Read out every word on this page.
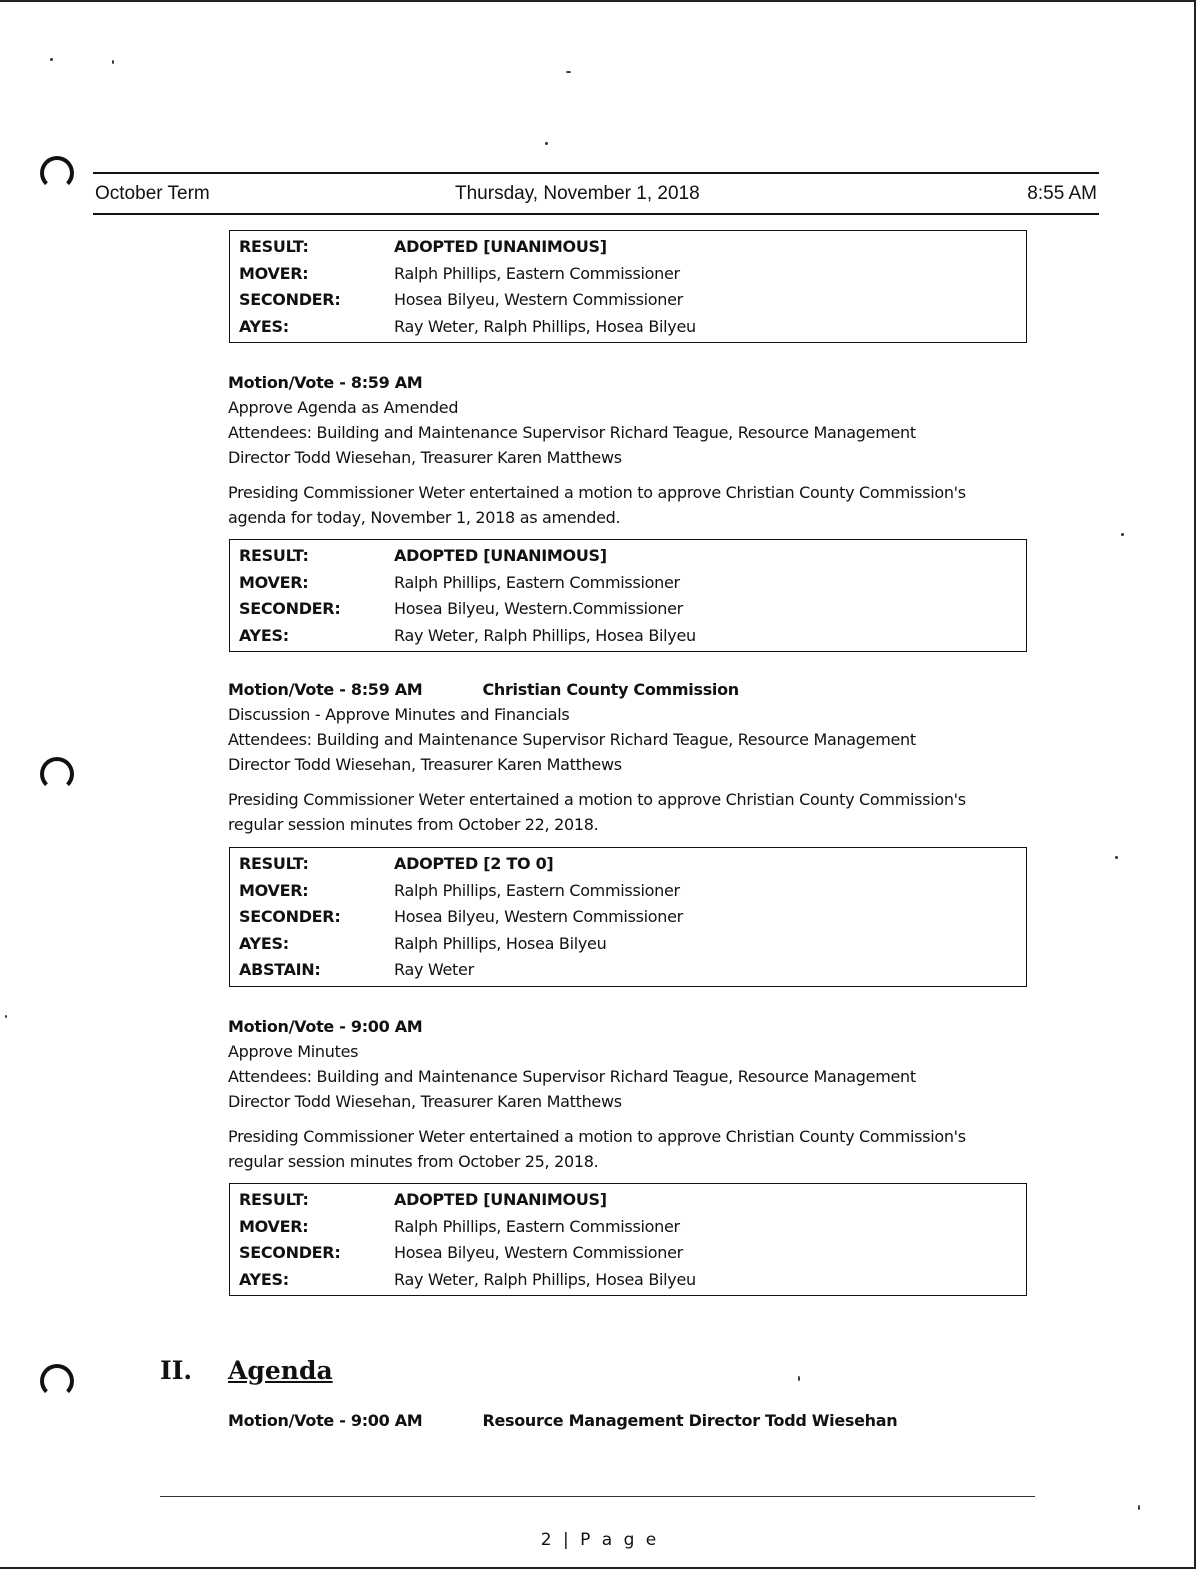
October Term	Thursday, November 1, 2018	8:55 AM
RESULT:	ADOPTED [UNANIMOUS]
MOVER:	Ralph Phillips, Eastern Commissioner
SECONDER:	Hosea Bilyeu, Western Commissioner
AYES:	Ray Weter, Ralph Phillips, Hosea Bilyeu
Motion/Vote - 8:59 AM
Approve Agenda as Amended
Attendees: Building and Maintenance Supervisor Richard Teague, Resource Management
Director Todd Wiesehan, Treasurer Karen Matthews
Presiding Commissioner Weter entertained a motion to approve Christian County Commission's
agenda for today, November 1, 2018 as amended.
RESULT:	ADOPTED [UNANIMOUS]
MOVER:	Ralph Phillips, Eastern Commissioner
SECONDER:	Hosea Bilyeu, Western.Commissioner
AYES:	Ray Weter, Ralph Phillips, Hosea Bilyeu
Motion/Vote - 8:59 AM	Christian County Commission
Discussion - Approve Minutes and Financials
Attendees: Building and Maintenance Supervisor Richard Teague, Resource Management
Director Todd Wiesehan, Treasurer Karen Matthews
Presiding Commissioner Weter entertained a motion to approve Christian County Commission's
regular session minutes from October 22, 2018.
RESULT:	ADOPTED [2 TO 0]
MOVER:	Ralph Phillips, Eastern Commissioner
SECONDER:	Hosea Bilyeu, Western Commissioner
AYES:	Ralph Phillips, Hosea Bilyeu
ABSTAIN:	Ray Weter
Motion/Vote - 9:00 AM
Approve Minutes
Attendees: Building and Maintenance Supervisor Richard Teague, Resource Management
Director Todd Wiesehan, Treasurer Karen Matthews
Presiding Commissioner Weter entertained a motion to approve Christian County Commission's
regular session minutes from October 25, 2018.
RESULT:	ADOPTED [UNANIMOUS]
MOVER:	Ralph Phillips, Eastern Commissioner
SECONDER:	Hosea Bilyeu, Western Commissioner
AYES:	Ray Weter, Ralph Phillips, Hosea Bilyeu
II. Agenda
Motion/Vote - 9:00 AM	Resource Management Director Todd Wiesehan
2 | P a g e
